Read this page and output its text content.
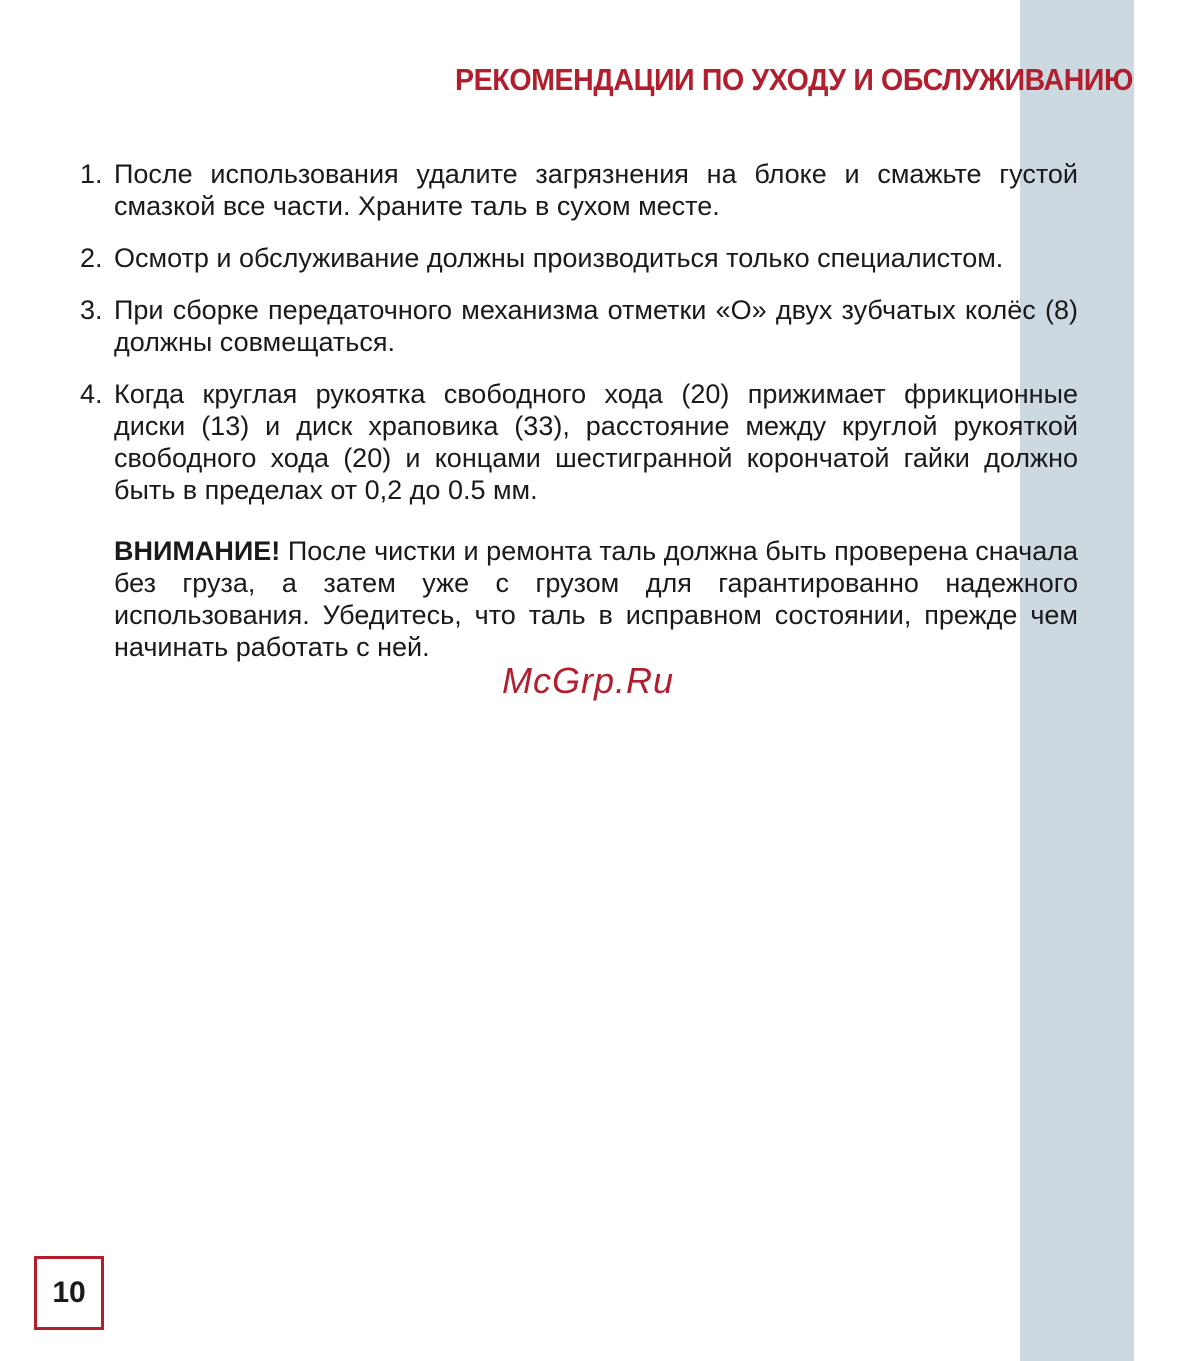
РЕКОМЕНДАЦИИ ПО УХОДУ И ОБСЛУЖИВАНИЮ
1. После использования удалите загрязнения на блоке и смажьте густой смазкой все части. Храните таль в сухом месте.
2. Осмотр и обслуживание должны производиться только специалистом.
3. При сборке передаточного механизма отметки «О» двух зубчатых колёс (8) должны совмещаться.
4. Когда круглая рукоятка свободного хода (20) прижимает фрикционные диски (13) и диск храповика (33), расстояние между круглой рукояткой свободного хода (20) и концами шестигранной корончатой гайки должно быть в пределах от 0,2 до 0.5 мм.

ВНИМАНИЕ! После чистки и ремонта таль должна быть проверена сначала без груза, а затем уже с грузом для гарантированно надежного использования. Убедитесь, что таль в исправном состоянии, прежде чем начинать работать с ней.

McGrp.Ru

10
